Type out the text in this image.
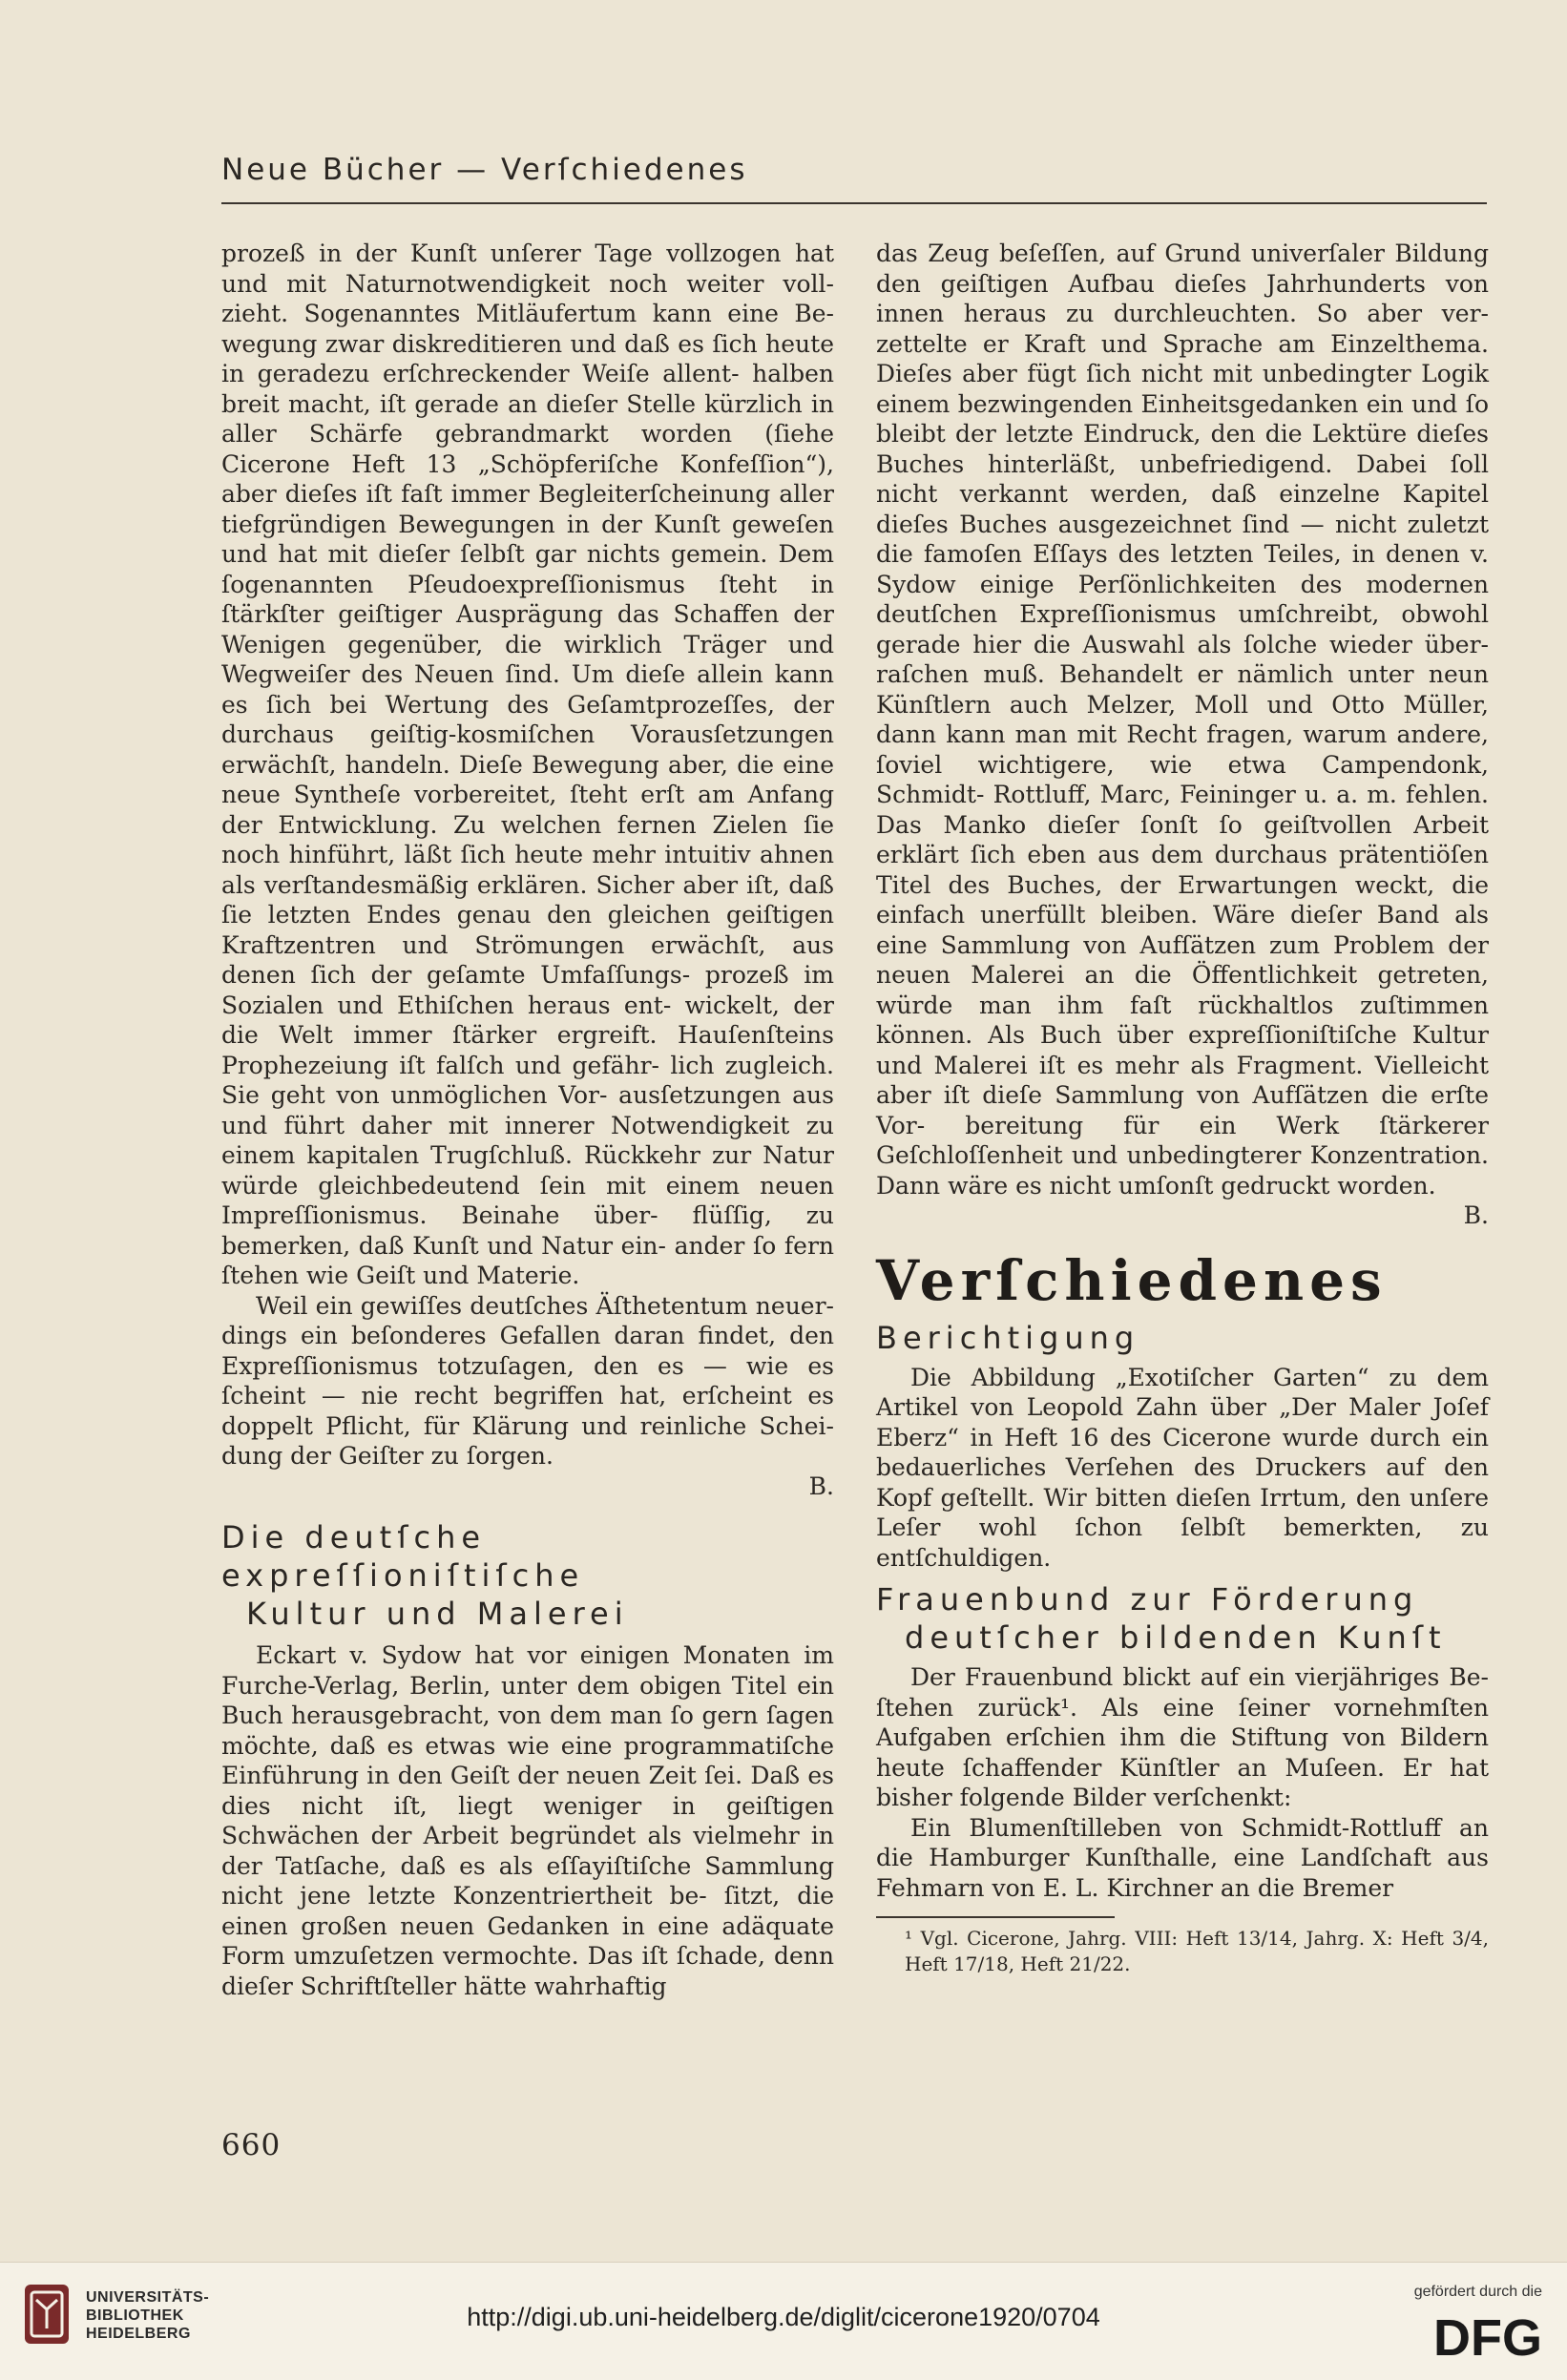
Neue Bücher — Verſchiedenes

prozeß in der Kunſt unſerer Tage vollzogen hat und mit Naturnotwendigkeit noch weiter voll- zieht. Sogenanntes Mitläufertum kann eine Be- wegung zwar diskreditieren und daß es ſich heute in geradezu erſchreckender Weiſe allent- halben breit macht, iſt gerade an dieſer Stelle kürzlich in aller Schärfe gebrandmarkt worden (ſiehe Cicerone Heft 13 „Schöpferiſche Konfeſſion“), aber dieſes iſt faſt immer Begleiterſcheinung aller tiefgründigen Bewegungen in der Kunſt geweſen und hat mit dieſer ſelbſt gar nichts gemein. Dem ſogenannten Pſeudoexpreſſionismus ſteht in ſtärkſter geiſtiger Ausprägung das Schaffen der Wenigen gegenüber, die wirklich Träger und Wegweiſer des Neuen ſind. Um dieſe allein kann es ſich bei Wertung des Geſamtprozeſſes, der durchaus geiſtig-kosmiſchen Vorausſetzungen erwächſt, handeln. Dieſe Bewegung aber, die eine neue Syntheſe vorbereitet, ſteht erſt am Anfang der Entwicklung. Zu welchen fernen Zielen ſie noch hinführt, läßt ſich heute mehr intuitiv ahnen als verſtandesmäßig erklären. Sicher aber iſt, daß ſie letzten Endes genau den gleichen geiſtigen Kraftzentren und Strömungen erwächſt, aus denen ſich der geſamte Umfaſſungs- prozeß im Sozialen und Ethiſchen heraus ent- wickelt, der die Welt immer ſtärker ergreift. Hauſenſteins Prophezeiung iſt falſch und gefähr- lich zugleich. Sie geht von unmöglichen Vor- ausſetzungen aus und führt daher mit innerer Notwendigkeit zu einem kapitalen Trugſchluß. Rückkehr zur Natur würde gleichbedeutend ſein mit einem neuen Impreſſionismus. Beinahe über- flüſſig, zu bemerken, daß Kunſt und Natur ein- ander ſo fern ſtehen wie Geiſt und Materie.

Weil ein gewiſſes deutſches Äſthetentum neuer- dings ein beſonderes Gefallen daran findet, den Expreſſionismus totzuſagen, den es — wie es ſcheint — nie recht begriffen hat, erſcheint es doppelt Pflicht, für Klärung und reinliche Schei- dung der Geiſter zu ſorgen.

B.
Die deutſche expreſſioniſtiſche
Kultur und Malerei

Eckart v. Sydow hat vor einigen Monaten im Furche-Verlag, Berlin, unter dem obigen Titel ein Buch herausgebracht, von dem man ſo gern ſagen möchte, daß es etwas wie eine programmatiſche Einführung in den Geiſt der neuen Zeit ſei. Daß es dies nicht iſt, liegt weniger in geiſtigen Schwächen der Arbeit begründet als vielmehr in der Tatſache, daß es als eſſayiſtiſche Sammlung nicht jene letzte Konzentriertheit be- ſitzt, die einen großen neuen Gedanken in eine adäquate Form umzuſetzen vermochte. Das iſt ſchade, denn dieſer Schriftſteller hätte wahrhaftig

das Zeug beſeſſen, auf Grund univerſaler Bildung den geiſtigen Aufbau dieſes Jahrhunderts von innen heraus zu durchleuchten. So aber ver- zettelte er Kraft und Sprache am Einzelthema. Dieſes aber fügt ſich nicht mit unbedingter Logik einem bezwingenden Einheitsgedanken ein und ſo bleibt der letzte Eindruck, den die Lektüre dieſes Buches hinterläßt, unbefriedigend. Dabei ſoll nicht verkannt werden, daß einzelne Kapitel dieſes Buches ausgezeichnet ſind — nicht zuletzt die famoſen Eſſays des letzten Teiles, in denen v. Sydow einige Perſönlichkeiten des modernen deutſchen Expreſſionismus umſchreibt, obwohl gerade hier die Auswahl als ſolche wieder über- raſchen muß. Behandelt er nämlich unter neun Künſtlern auch Melzer, Moll und Otto Müller, dann kann man mit Recht fragen, warum andere, ſoviel wichtigere, wie etwa Campendonk, Schmidt- Rottluff, Marc, Feininger u. a. m. fehlen. Das Manko dieſer ſonſt ſo geiſtvollen Arbeit erklärt ſich eben aus dem durchaus prätentiöſen Titel des Buches, der Erwartungen weckt, die einfach unerfüllt bleiben. Wäre dieſer Band als eine Sammlung von Aufſätzen zum Problem der neuen Malerei an die Öffentlichkeit getreten, würde man ihm faſt rückhaltlos zuſtimmen können. Als Buch über expreſſioniſtiſche Kultur und Malerei iſt es mehr als Fragment. Vielleicht aber iſt dieſe Sammlung von Aufſätzen die erſte Vor- bereitung für ein Werk ſtärkerer Geſchloſſenheit und unbedingterer Konzentration. Dann wäre es nicht umſonſt gedruckt worden.

B.
Verſchiedenes
Berichtigung

Die Abbildung „Exotiſcher Garten“ zu dem Artikel von Leopold Zahn über „Der Maler Joſef Eberz“ in Heft 16 des Cicerone wurde durch ein bedauerliches Verſehen des Druckers auf den Kopf geſtellt. Wir bitten dieſen Irrtum, den unſere Leſer wohl ſchon ſelbſt bemerkten, zu entſchuldigen.

Frauenbund zur Förderung
deutſcher bildenden Kunſt

Der Frauenbund blickt auf ein vierjähriges Be- ſtehen zurück¹. Als eine ſeiner vornehmſten Aufgaben erſchien ihm die Stiftung von Bildern heute ſchaffender Künſtler an Muſeen. Er hat bisher folgende Bilder verſchenkt:

Ein Blumenſtilleben von Schmidt-Rottluff an die Hamburger Kunſthalle, eine Landſchaft aus Fehmarn von E. L. Kirchner an die Bremer

¹ Vgl. Cicerone, Jahrg. VIII: Heft 13/14, Jahrg. X: Heft 3/4, Heft 17/18, Heft 21/22.

660
UNIVERSITÄTS-
BIBLIOTHEK
HEIDELBERG
http://digi.ub.uni-heidelberg.de/diglit/cicerone1920/0704
gefördert durch die
DFG
